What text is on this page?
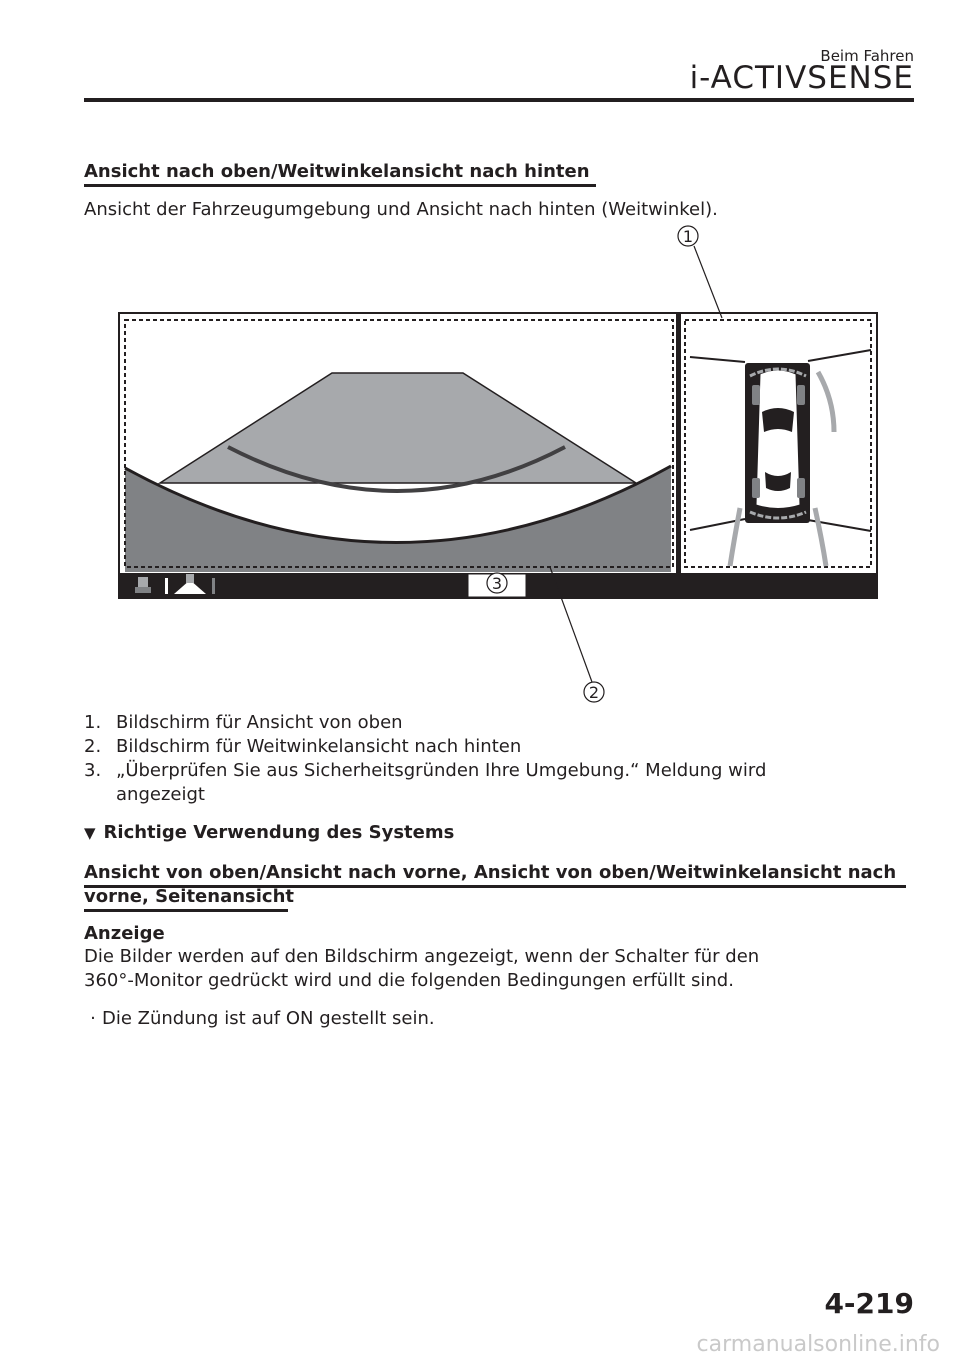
Beim Fahren
i-ACTIVSENSE
Ansicht nach oben/Weitwinkelansicht nach hinten
Ansicht der Fahrzeugumgebung und Ansicht nach hinten (Weitwinkel).
1
2
3
1. Bildschirm für Ansicht von oben
2. Bildschirm für Weitwinkelansicht nach hinten
3. „Überprüfen Sie aus Sicherheitsgründen Ihre Umgebung.“ Meldung wird angezeigt
▼ Richtige Verwendung des Systems
Ansicht von oben/Ansicht nach vorne, Ansicht von oben/Weitwinkelansicht nach
vorne, Seitenansicht
Anzeige
Die Bilder werden auf den Bildschirm angezeigt, wenn der Schalter für den
360°-Monitor gedrückt wird und die folgenden Bedingungen erfüllt sind.
· Die Zündung ist auf ON gestellt sein.
4-219
carmanualsonline.info
